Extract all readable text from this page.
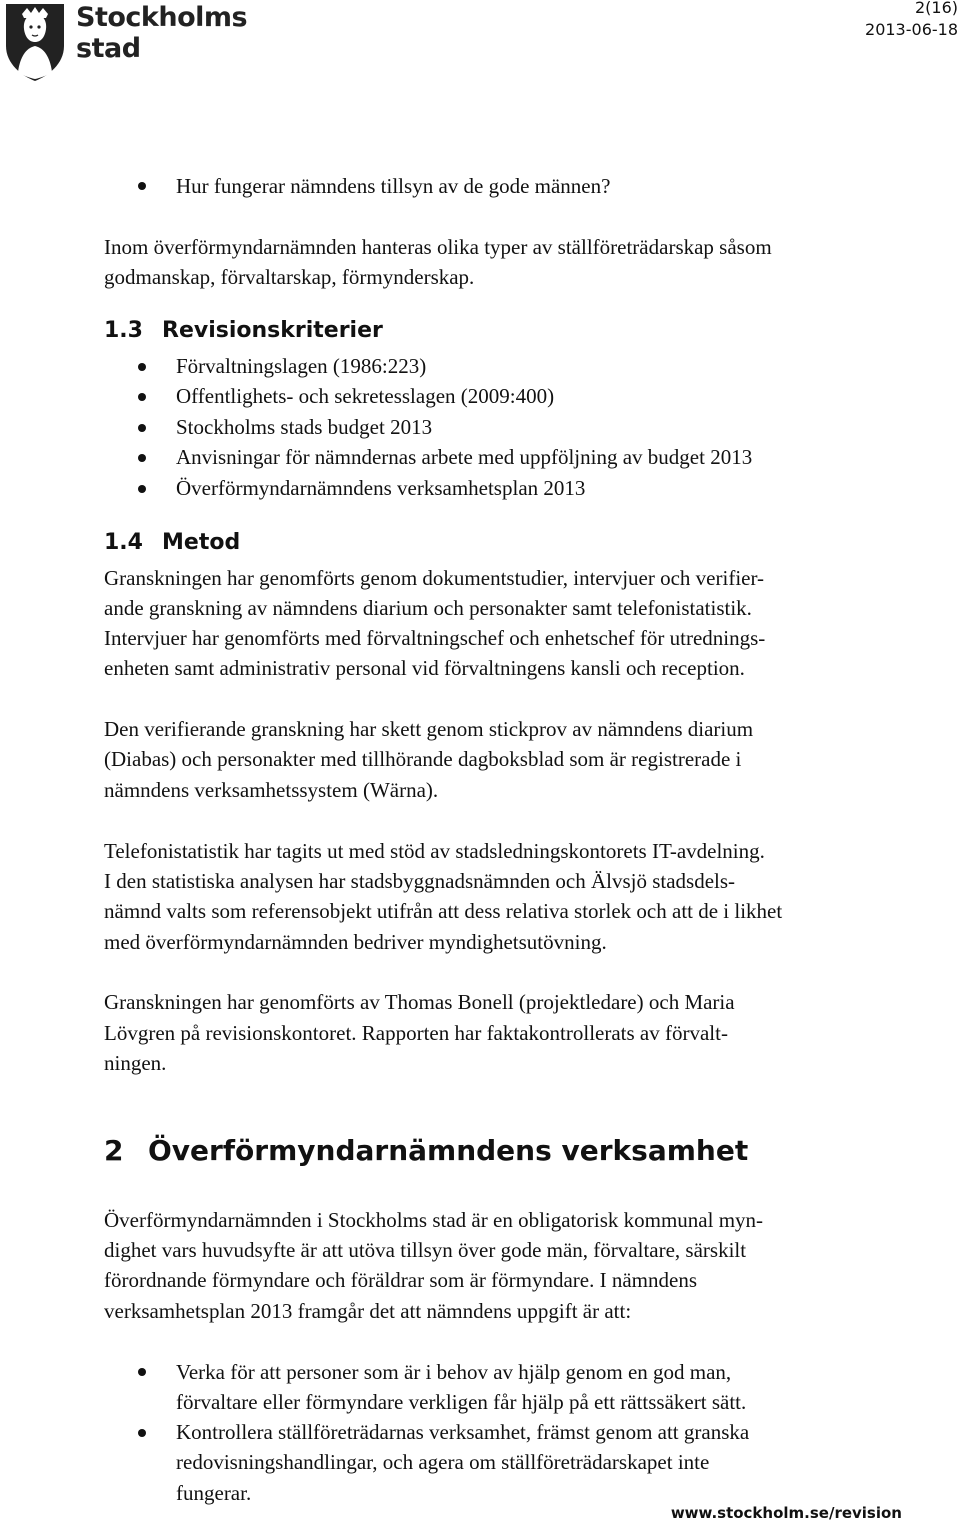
Stockholms
stad
2(16)
2013-06-18
Hur fungerar nämndens tillsyn av de gode männen?
Inom överförmyndarnämnden hanteras olika typer av ställföreträdarskap såsom
godmanskap, förvaltarskap, förmynderskap.
1.3 Revisionskriterier
Förvaltningslagen (1986:223)
Offentlighets- och sekretesslagen (2009:400)
Stockholms stads budget 2013
Anvisningar för nämndernas arbete med uppföljning av budget 2013
Överförmyndarnämndens verksamhetsplan 2013
1.4 Metod
Granskningen har genomförts genom dokumentstudier, intervjuer och verifier-
ande granskning av nämndens diarium och personakter samt telefonistatistik.
Intervjuer har genomförts med förvaltningschef och enhetschef för utrednings-
enheten samt administrativ personal vid förvaltningens kansli och reception.
Den verifierande granskning har skett genom stickprov av nämndens diarium
(Diabas) och personakter med tillhörande dagboksblad som är registrerade i
nämndens verksamhetssystem (Wärna).
Telefonistatistik har tagits ut med stöd av stadsledningskontorets IT-avdelning.
I den statistiska analysen har stadsbyggnadsnämnden och Älvsjö stadsdels-
nämnd valts som referensobjekt utifrån att dess relativa storlek och att de i likhet
med överförmyndarnämnden bedriver myndighetsutövning.
Granskningen har genomförts av Thomas Bonell (projektledare) och Maria
Lövgren på revisionskontoret. Rapporten har faktakontrollerats av förvalt-
ningen.
2 Överförmyndarnämndens verksamhet
Överförmyndarnämnden i Stockholms stad är en obligatorisk kommunal myn-
dighet vars huvudsyfte är att utöva tillsyn över gode män, förvaltare, särskilt
förordnande förmyndare och föräldrar som är förmyndare. I nämndens
verksamhetsplan 2013 framgår det att nämndens uppgift är att:
Verka för att personer som är i behov av hjälp genom en god man,
förvaltare eller förmyndare verkligen får hjälp på ett rättssäkert sätt.
Kontrollera ställföreträdarnas verksamhet, främst genom att granska
redovisningshandlingar, och agera om ställföreträdarskapet inte
fungerar.
www.stockholm.se/revision
